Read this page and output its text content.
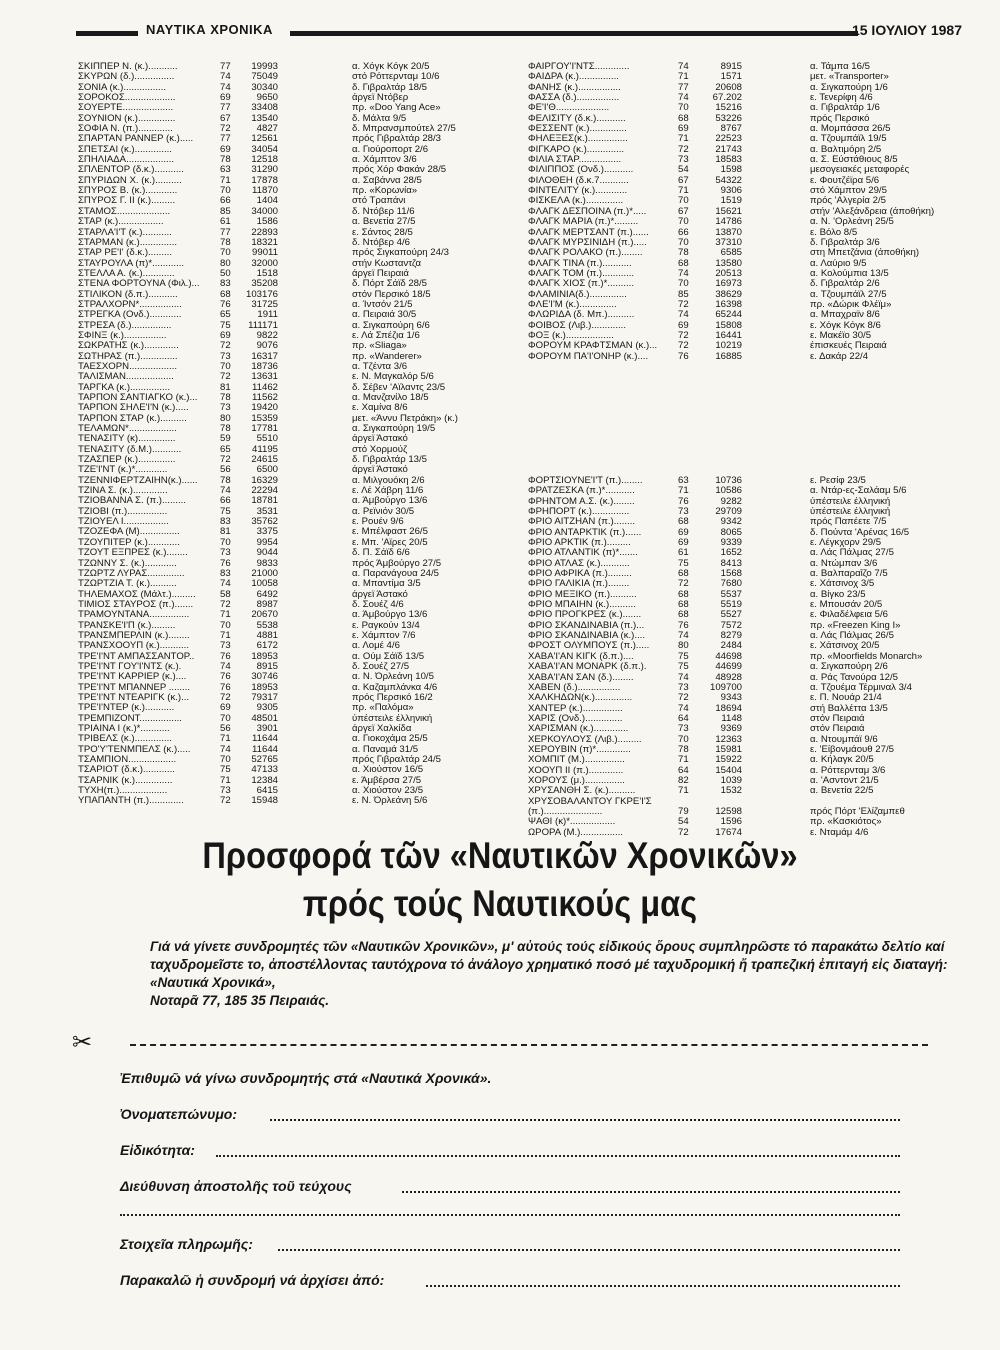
ΝΑΥΤΙΚΑ ΧΡΟΝΙΚΑ	15 ΙΟΥΛΙΟΥ 1987
ΣΚΙΠΠΕΡ Ν. (κ.)...........	77	19993	α. Χόγκ Κόγκ 20/5
ΣΚΥΡΩΝ (δ.)...............	74	75049	στό Ρόττερνταμ 10/6
ΣΟΝΙΑ (κ.)................	74	30340	δ. Γιβραλτάρ 18/5
ΣΟΡΟΚΟΣ...................	69	9650	άργεϊ Ντόβερ
ΣΟΥΕΡΤΕ...................	77	33408	πρ. «Doo Yang Ace»
ΣΟΥΝΙΟΝ (κ.)..............	67	13540	δ. Μάλτα 9/5
ΣΟΦΙΑ Ν. (π.).............	72	4827	δ. Μπρανσμπούτελ 27/5
ΣΠΑΡΤΑΝ ΡΑΝΝΕΡ (κ.).....	77	12561	πρός Γιβραλτάρ 28/3
ΣΠΕΤΣΑΙ (κ.)..............	69	34054	α. Γιούροπορτ 2/6
ΣΠΗΛΙΑΔΑ..................	78	12518	α. Χάμπτον 3/6
ΣΠΛΕΝΤΟΡ (δ.κ.)...........	63	31290	πρός Χόρ Φακάν 28/5
ΣΠΥΡΙΔΩΝ Χ. (κ.)..........	71	17878	α. Σαβάννα 28/5
ΣΠΥΡΟΣ Β. (κ.)............	70	11870	πρ. «Κορωνία»
ΣΠΥΡΟΣ Γ. ΙΙ (κ.).........	66	1404	στό Τραπάνι
ΣΤΑΜΟΣ....................	85	34000	δ. Ντόβερ 11/6
ΣΤΑΡ (κ.).................	61	1586	α. Βενετία 27/5
ΣΤΑΡΛΑ'Ι'Τ (κ.)...........	77	22893	ε. Σάντος 28/5
ΣΤΑΡΜΑΝ (κ.)..............	78	18321	δ. Ντόβερ 4/6
ΣΤΑΡ ΡΕ'Ι' (δ.κ.).........	70	99011	πρός Σιγκαπούρη 24/3
ΣΤΑΥΡΟΥΛΑ (π)*............	80	32000	στήν Κωσταντζα
ΣΤΕΛΛΑ Α. (κ.)............	50	1518	άργεϊ Πειραιά
ΣΤΕΝΑ ΦΟΡΤΟΥΝΑ (Φιλ.)...	83	35208	δ. Πόρτ Σάϊδ 28/5
ΣΤΙΛΙΚΟΝ (δ.π.)...........	68	103176	στόν Περσικό 18/5
ΣΤΡΑΛΧΟΡΝ*................	76	31725	α. Ίντσόν 21/5
ΣΤΡΕΓΚΑ (Ονδ.)............	65	1911	α. Πειραιά 30/5
ΣΤΡΕΣΑ (δ.)...............	75	111171	α. Σιγκαπούρη 6/6
ΣΦΙΝΞ (κ.)................	69	9822	ε. Λά Σπέζια 1/6
ΣΩΚΡΑΤΗΣ (κ.).............	72	9076	πρ. «Sliaga»
ΣΩΤΗΡΑΣ (π.)..............	73	16317	πρ. «Wanderer»
ΤΑΕΣΧΟΡΝ..................	70	18736	α. Τζέντα 3/6
ΤΑΛΙΣΜΑΝ..................	72	13631	ε. Ν. Μαγκαλόρ 5/6
ΤΑΡΓΚΑ (κ.)...............	81	11462	δ. Σέβεν 'Αϊλαντς 23/5
ΤΑΡΠΟΝ ΣΑΝΤΙΑΓΚΟ (κ.)...	78	11562	α. Μανζανίλο 18/5
ΤΑΡΠΟΝ ΣΗΛΕ'Ι'Ν (κ.).....	73	19420	ε. Χαμίνα 8/6
ΤΑΡΠΟΝ ΣΤΑΡ (κ.)..........	80	15359	μετ. «Άννυ Πετράκη» (κ.)
ΤΕΛΑΜΩΝ*..................	78	17781	α. Σιγκαπούρη 19/5
ΤΕΝΑΣΙΤΥ (κ)..............	59	5510	άργεϊ Άστακό
ΤΕΝΑΣΙΤΥ (δ.Μ.)...........	65	41195	στό Χορμούζ
ΤΖΑΣΠΕΡ (κ.)..............	72	24615	δ. Γιβραλτάρ 13/5
ΤΖΕ'Ι'ΝΤ (κ.)*............	56	6500	άργεϊ Άστακό
ΤΖΕΝΝΙΦΕΡΤΖΑΙΗΝ(κ.)......	78	16329	α. Μιλγουόκη 2/6
ΤΖΙΝΑ Σ. (κ.).............	74	22294	ε. Λέ Χάβρη 11/6
ΤΖΙΟΒΑΝΝΑ Σ. (π.).........	66	18781	α. Άμβούργο 13/6
ΤΖΙΟΒΙ (π.)...............	75	3531	α. Ρεϊνιόν 30/5
ΤΖΙΟΥΕΛ Ι.................	83	35762	ε. Ρουέν 9/6
ΤΖΟΖΕΦΑ (Μ)...............	81	3375	ε. Μπέλφαστ 26/5
ΤΖΟΥΠΙΤΕΡ (κ.)............	70	9954	ε. Μπ. 'Αϊρες 20/5
ΤΖΟΥΤ ΕΞΠΡΕΣ (κ.)........	73	9044	δ. Π. Σάϊδ 6/6
ΤΖΩΝΝΥ Σ. (κ.)............	76	9833	πρός Άμβούργο 27/5
ΤΖΩΡΤΖ ΛΥΡΑΣ..............	83	21000	α. Παρανάγουα 24/5
ΤΖΩΡΤΖΙΑ Τ. (κ.)..........	74	10058	α. Μπαντίμα 3/5
ΤΗΛΕΜΑΧΟΣ (Μάλτ.).........	58	6492	άργεϊ Άστακό
ΤΙΜΙΟΣ ΣΤΑΥΡΟΣ (π.).......	72	8987	δ. Σουέζ 4/6
ΤΡΑΜΟΥΝΤΑΝΑ...............	71	20670	α. Άμβούργο 13/6
ΤΡΑΝΣΚΕ'Ι'Π (κ.).........	70	5538	ε. Ραγκούν 13/4
ΤΡΑΝΣΜΠΕΡΛΙΝ (κ.)........	71	4881	ε. Χάμπτον 7/6
ΤΡΑΝΣΧΟΟΥΠ (κ.)...........	73	6172	α. Λομέ 4/6
ΤΡΕ'Ι'ΝΤ ΑΜΠΑΣΣΑΝΤΟΡ..	76	18953	α. Ούμ Σάϊδ 13/5
ΤΡΕ'Ι'ΝΤ ΓΟΥ'Ι'ΝΤΣ (κ.).	74	8915	δ. Σουέζ 27/5
ΤΡΕ'Ι'ΝΤ ΚΑΡΡΙΕΡ (κ.)....	76	30746	α. Ν. Όρλεάνη 10/5
ΤΡΕ'Ι'ΝΤ ΜΠΑΝΝΕΡ ........	76	18953	α. Καζαμπλάνκα 4/6
ΤΡΕ'Ι'ΝΤ ΝΤΕΑΡΙΓΚ (κ.)...	72	79317	πρός Περσικό 16/2
ΤΡΕ'Ι'ΝΤΕΡ (κ.)...........	69	9305	πρ. «Παλόμα»
ΤΡΕΜΠΙΖΟΝΤ................	70	48501	ύπέστειλε έλληνική
ΤΡΙΑΙΝΑ Ι (κ.)*...........	56	3901	άργεϊ Χαλκίδα
ΤΡΙΒΕΛΣ (κ.)..............	71	11644	α. Γιοκοχάμα 25/5
ΤΡΟ'Υ'ΤΕΝΜΠΕΛΣ (κ.).....	74	11644	α. Παναμά 31/5
ΤΣΑΜΠΙΟΝ..................	70	52765	πρός Γιβραλτάρ 24/5
ΤΣΑΡΙΟΤ (δ.κ.)............	75	47133	α. Χιούστον 16/5
ΤΣΑΡΝΙΚ (κ.)..............	71	12384	ε. Άμβέρσα 27/5
ΤΥΧΗ(π.)..................	73	6415	α. Χιούστον 23/5
ΥΠΑΠΑΝΤΗ (π.).............	72	15948	ε. Ν. Όρλεάνη 5/6
ΦΑΙΡΓΟΥ'Ι'ΝΤΣ.............	74	8915	α. Τάμπα 16/5
ΦΑΙΔΡΑ (κ.)...............	71	1571	μετ. «Transporter»
ΦΑΝΗΣ (κ.)................	77	20608	α. Σιγκαπούρη 1/6
ΦΑΣΣΑ (δ.)................	74	67.202	ε. Τενερίφη 4/6
ΦΕ'Ι'Θ....................	70	15216	α. Γιβραλτάρ 1/6
ΦΕΛΙΣΙΤΥ (δ.κ.)...........	68	53226	πρός Περσικό
ΦΕΣΣΕΝΤ (κ.)..............	69	8767	α. Μομπάσσα 26/5
ΦΗΛΕΞΕΣ(κ.)...............	71	22523	α. Τζουμπάϊλ 19/5
ΦΙΓΚΑΡΟ (κ.)..............	72	21743	α. Βαλτιμόρη 2/5
ΦΙΛΙΑ ΣΤΑΡ................	73	18583	α. Σ. Εύστάθιους 8/5
ΦΙΛΙΠΠΟΣ (Ονδ.)...........	54	1598	μεσογειακές μεταφορές
ΦΙΛΟΘΕΗ (δ.κ.7...........	67	54322	ε. Φουτζέϊρα 5/6
ΦΙΝΤΕΛΙΤΥ (κ.)............	71	9306	στό Χάμπτον 29/5
ΦΙΣΚΕΛΑ (κ.)..............	70	1519	πρός 'Αλγερία 2/5
ΦΛΑΓΚ ΔΕΣΠΟΙΝΑ (π.)*.....	67	15621	στήν 'Αλεξάνδρεια (άποθήκη)
ΦΛΑΓΚ ΜΑΡΙΑ (π.)*.........	70	14786	α. Ν. 'Ορλεάνη 25/5
ΦΛΑΓΚ ΜΕΡΤΣΑΝΤ (π.)......	66	13870	ε. Βόλο 8/5
ΦΛΑΓΚ ΜΥΡΣΙΝΙΔΗ (π.).....	70	37310	δ. Γιβραλτάρ 3/6
ΦΛΑΓΚ ΡΟΛΑΚΟ (π.)........	78	6585	στη Μπετζάνια (άποθήκη)
ΦΛΑΓΚ ΤΙΝΑ (π.)...........	68	13580	α. Λαύριο 9/5
ΦΛΑΓΚ ΤΟΜ (π.)............	74	20513	α. Κολούμπια 13/5
ΦΛΑΓΚ ΧΙΟΣ (π.)*..........	70	16973	δ. Γιβραλτάρ 2/6
ΦΛΑΜΙΝΙΑ(δ.)..............	85	38629	α. Τζουμπάϊλ 27/5
ΦΛΕ'Ι'Μ (κ.)..............	72	16398	πρ. «Δώρικ Φλέϊμ»
ΦΛΩΡΙΔΑ (δ. Μπ.)..........	74	65244	α. Μπαχραϊν 8/6
ΦΟΙΒΟΣ (Λιβ.).............	69	15808	ε. Χόγκ Κόγκ 8/6
ΦΟΞ (κ.)..................	72	16441	ε. Μακέϊο 30/5
ΦΟΡΟΥΜ ΚΡΑΦΤΣΜΑΝ (κ.)...	72	10219	έπισκευές Πειραιά
ΦΟΡΟΥΜ ΠΑ'Ι'ΟΝΗΡ (κ.)....	76	16885	ε. Δακάρ 22/4
ΦΟΡΤΣΙΟΥΝΕ'Ι'Τ (π.)........	63	10736	ε. Ρεσίφ 23/5
ΦΡΑΤΖΕΣΚΑ (π.)*...........	71	10586	α. Ντάρ-ες-Σαλάαμ 5/6
ΦΡΗΝΤΟΜ Α.Σ. (κ.)........	76	9282	ύπέστειλε έλληνική
ΦΡΗΠΟΡΤ (κ.)..............	73	29709	ύπέστειλε έλληνική
ΦΡΙΟ ΑΙΤΖΗΑΝ (π.)........	68	9342	πρός Παπέετε 7/5
ΦΡΙΟ ΑΝΤΑΡΚΤΙΚ (π.)......	69	8065	δ. Πούντα 'Αρένας 16/5
ΦΡΙΟ ΑΡΚΤΙΚ (π.).........	69	9339	ε. Λέγκχορν 29/5
ΦΡΙΟ ΑΤΛΑΝΤΙΚ (π)*.......	61	1652	α. Λάς Πάλμας 27/5
ΦΡΙΟ ΑΤΛΑΣ (κ.)...........	75	8413	α. Ντώμπαν 3/6
ΦΡΙΟ ΑΦΡΙΚΑ (π.).........	68	1568	α. Βαλπαραΐζο 7/5
ΦΡΙΟ ΓΑΛΙΚΙΑ (π.)........	72	7680	ε. Χάτσινοχ 3/5
ΦΡΙΟ ΜΕΞΙΚΟ (π.)..........	68	5537	α. Βίγκο 23/5
ΦΡΙΟ ΜΠΑΙΗΝ (κ.)..........	68	5519	ε. Μπουσάν 20/5
ΦΡΙΟ ΠΡΟΓΚΡΕΣ (κ.).......	68	5527	ε. Φιλαδέλφεια 5/6
ΦΡΙΟ ΣΚΑΝΔΙΝΑΒΙΑ (π.)...	76	7572	πρ. «Freezen King I»
ΦΡΙΟ ΣΚΑΝΔΙΝΑΒΙΑ (κ.)....	74	8279	α. Λάς Πάλμας 26/5
ΦΡΟΣΤ ΟΛΥΜΠΟΥΣ (π.).....	80	2484	ε. Χάτσινοχ 20/5
ΧΑΒΑ'Ι'ΑΝ ΚΙΓΚ (δ.π.)....	75	44698	πρ. «Moorfields Monarch»
ΧΑΒΑ'Ι'ΑΝ ΜΟΝΑΡΚ (δ.π.).	75	44699	α. Σιγκαπούρη 2/6
ΧΑΒΑ'Ι'ΑΝ ΣΑΝ (δ.)........	74	48928	α. Ράς Τανούρα 12/5
ΧΑΒΕΝ (δ.)................	73	109700	α. Τζουέμα Τέρμιναλ 3/4
ΧΑΛΚΗΔΩΝ(κ.)..............	72	9343	ε. Π. Νουάρ 21/4
ΧΑΝΤΕΡ (κ.)...............	74	18694	στή Βαλλέττα 13/5
ΧΑΡΙΣ (Ονδ.)..............	64	1148	στόν Πειραιά
ΧΑΡΙΣΜΑΝ (κ.).............	73	9369	στόν Πειραιά
ΧΕΡΚΟΥΛΟΥΣ (Λιβ.).........	70	12363	α. Ντουμπάϊ 9/6
ΧΕΡΟΥΒΙΝ (π)*.............	78	15981	ε. 'Είβονμάουθ 27/5
ΧΟΜΠΙΤ (Μ.)...............	71	15922	α. Κήλαγκ 20/5
ΧΟΟΥΠ ΙΙ (π.).............	64	15404	α. Ρόττερνταμ 3/6
ΧΟΡΟΥΣ (μ.)...............	82	1039	α. 'Ασντοντ 21/5
ΧΡΥΣΑΝΘΗ Σ. (κ.)..........	71	1532	α. Βενετία 22/5
ΧΡΥΣΟΒΑΛΑΝΤΟΥ ΓΚΡΕ'Ι'Σ
(π.)......................	79	12598	πρός Πόρτ 'Ελίζαμπεθ
ΨΑΘΙ (κ)*.................	54	1596	πρ. «Κασκιότος»
ΩΡΟΡΑ (Μ.)................	72	17674	ε. Νταμάμ 4/6
Προσφορά τῶν «Ναυτικῶν Χρονικῶν»
πρός τούς Ναυτικούς μας
Γιά νά γίνετε συνδρομητές τῶν «Ναυτικῶν Χρονικῶν», μ' αὐτούς τούς εἰδικούς ὅρους συμπληρῶστε τό παρακάτω δελτίο καί ταχυδρομεῖστε το, ἀποστέλλοντας ταυτόχρονα τό ἀνάλογο χρηματικό ποσό μέ ταχυδρομική ἤ τραπεζική ἐπιταγή εἰς διαταγή: «Ναυτικά Χρονικά»,
Νοταρᾶ 77, 185 35 Πειραιάς.
✂
Ἐπιθυμῶ νά γίνω συνδρομητής στά «Ναυτικά Χρονικά».
Ὀνοματεπώνυμο:
Εἰδικότητα:
Διεύθυνση ἀποστολῆς τοῦ τεύχους
Στοιχεῖα πληρωμῆς:
Παρακαλῶ ἡ συνδρομή νά ἀρχίσει ἀπό:
